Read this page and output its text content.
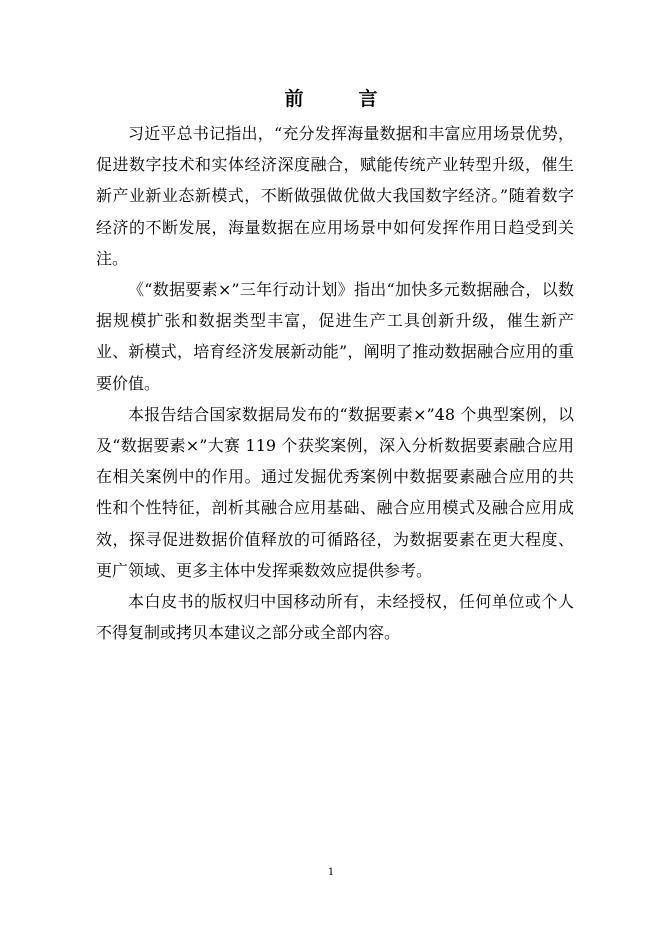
前　言

习近平总书记指出，“充分发挥海量数据和丰富应用场景优势，促进数字技术和实体经济深度融合，赋能传统产业转型升级，催生新产业新业态新模式，不断做强做优做大我国数字经济。”随着数字经济的不断发展，海量数据在应用场景中如何发挥作用日趋受到关注。

《“数据要素×”三年行动计划》指出“加快多元数据融合，以数据规模扩张和数据类型丰富，促进生产工具创新升级，催生新产业、新模式，培育经济发展新动能”，阐明了推动数据融合应用的重要价值。

本报告结合国家数据局发布的“数据要素×”48 个典型案例，以及“数据要素×”大赛 119 个获奖案例，深入分析数据要素融合应用在相关案例中的作用。通过发掘优秀案例中数据要素融合应用的共性和个性特征，剖析其融合应用基础、融合应用模式及融合应用成效，探寻促进数据价值释放的可循路径，为数据要素在更大程度、更广领域、更多主体中发挥乘数效应提供参考。

本白皮书的版权归中国移动所有，未经授权，任何单位或个人不得复制或拷贝本建议之部分或全部内容。

1
